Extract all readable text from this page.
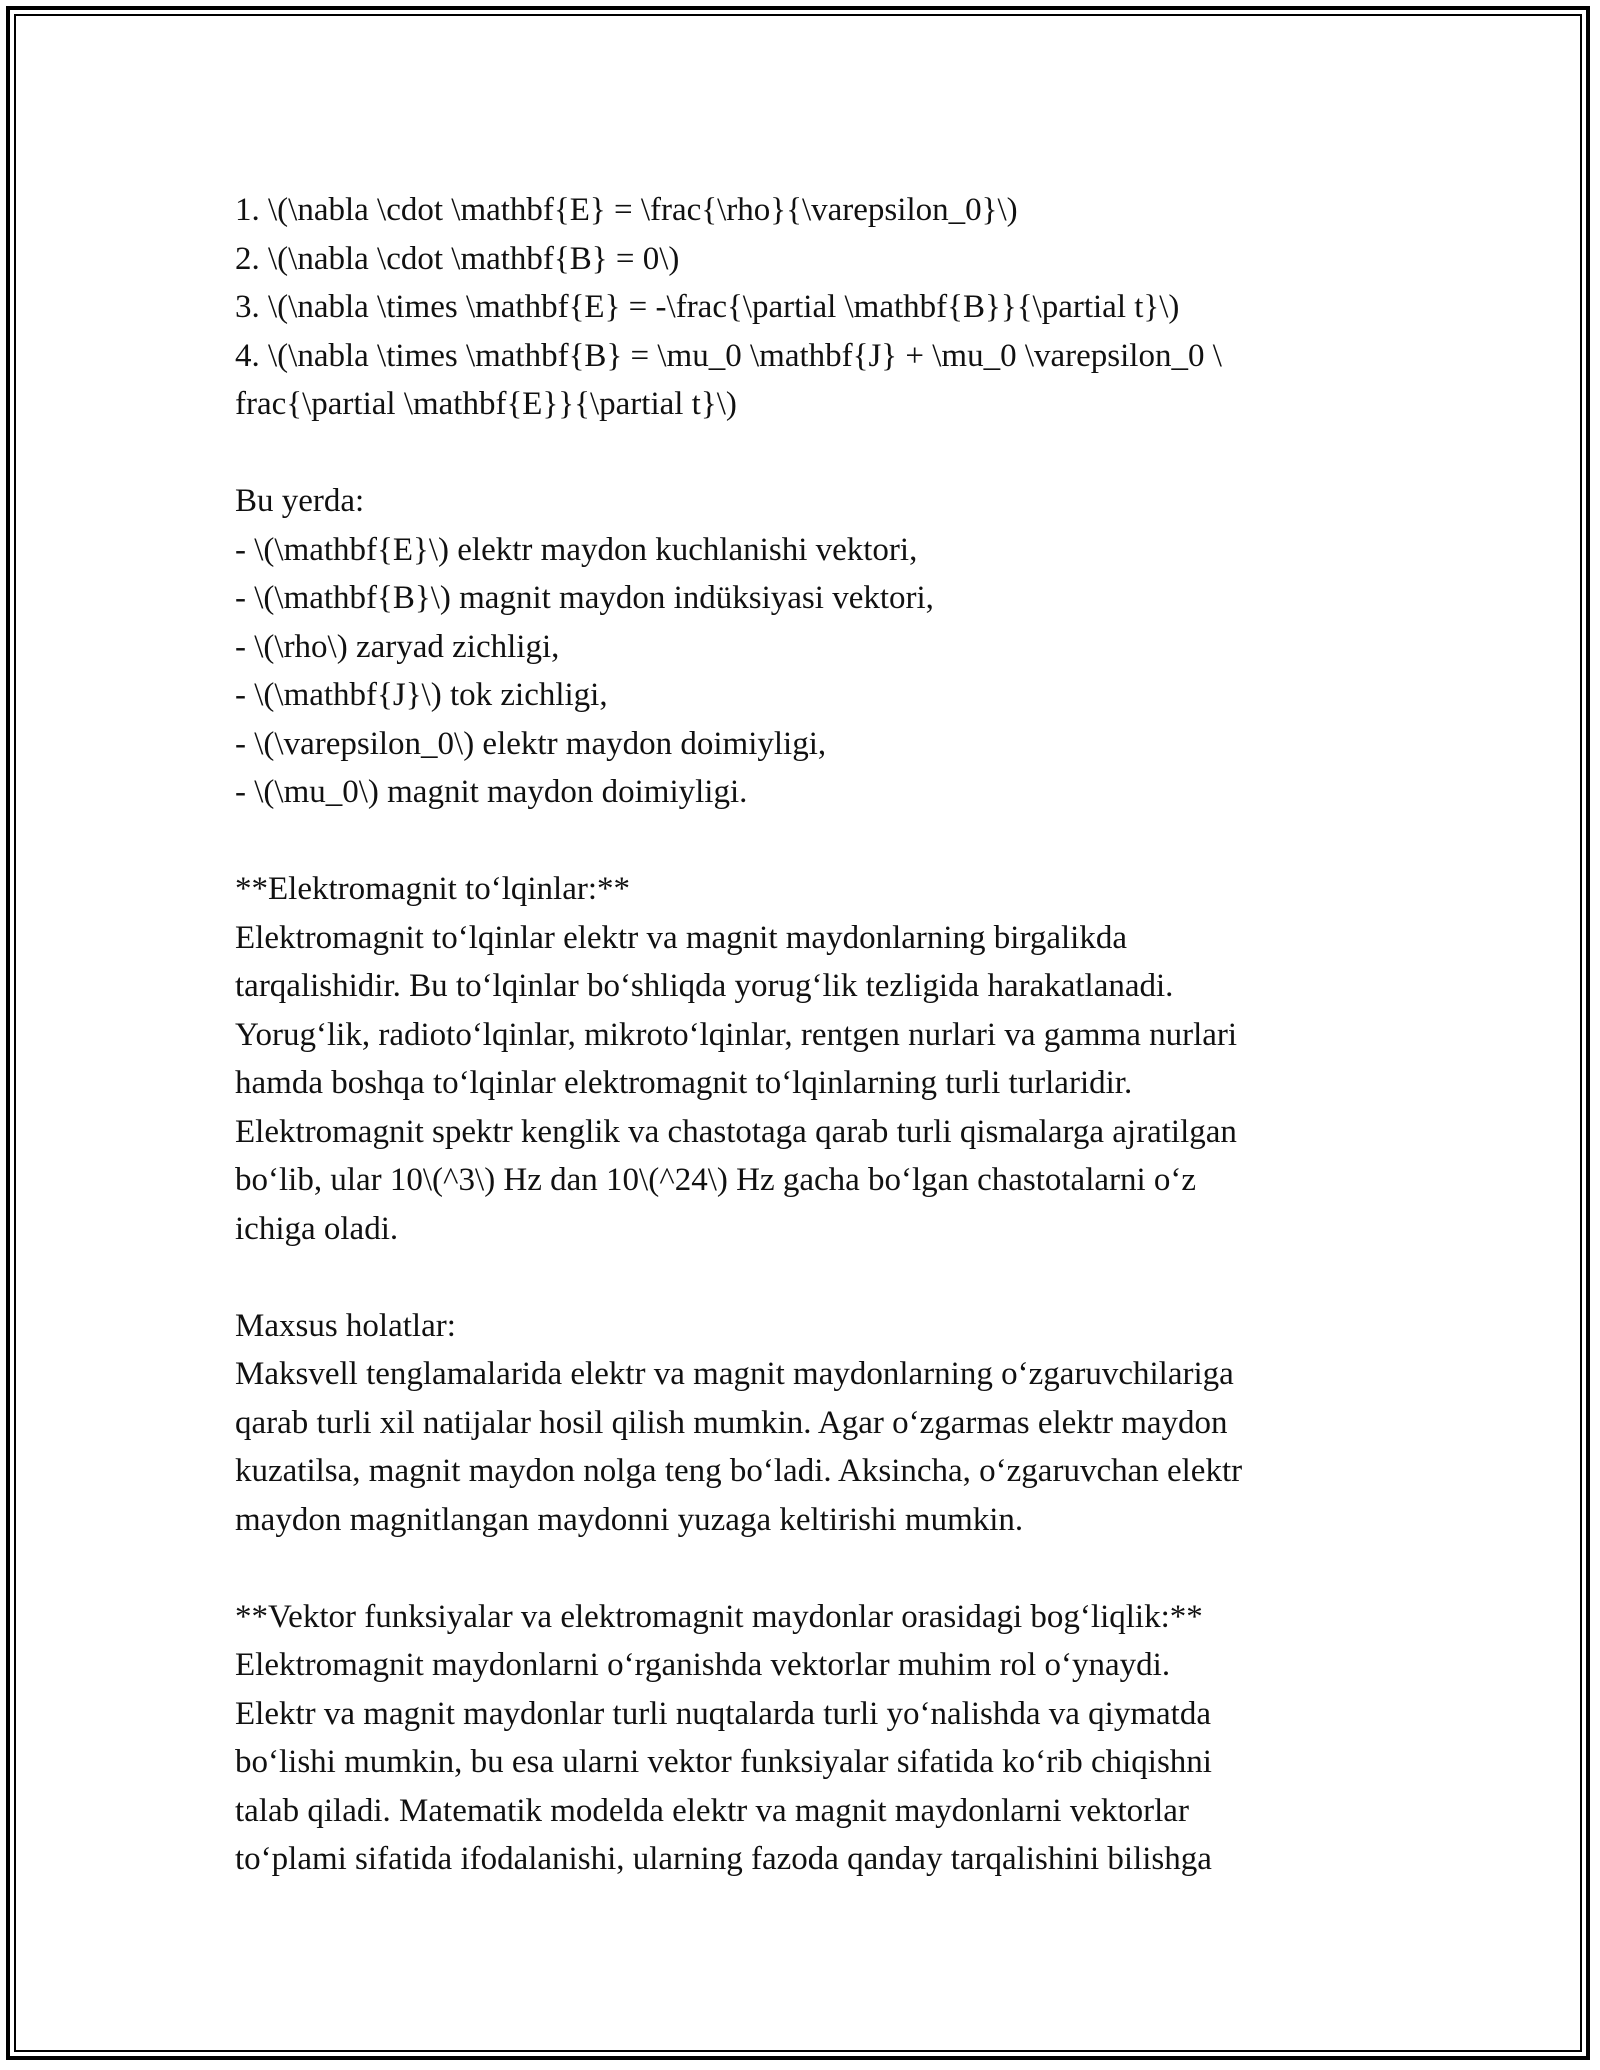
1. \(\nabla \cdot \mathbf{E} = \frac{\rho}{\varepsilon_0}\)
2. \(\nabla \cdot \mathbf{B} = 0\)
3. \(\nabla \times \mathbf{E} = -\frac{\partial \mathbf{B}}{\partial t}\)
4. \(\nabla \times \mathbf{B} = \mu_0 \mathbf{J} + \mu_0 \varepsilon_0 \
frac{\partial \mathbf{E}}{\partial t}\)
Bu yerda:
- \(\mathbf{E}\) elektr maydon kuchlanishi vektori,
- \(\mathbf{B}\) magnit maydon indüksiyasi vektori,
- \(\rho\) zaryad zichligi,
- \(\mathbf{J}\) tok zichligi,
- \(\varepsilon_0\) elektr maydon doimiyligi,
- \(\mu_0\) magnit maydon doimiyligi.
**Elektromagnit to‘lqinlar:**
Elektromagnit to‘lqinlar elektr va magnit maydonlarning birgalikda
tarqalishidir. Bu to‘lqinlar bo‘shliqda yorug‘lik tezligida harakatlanadi.
Yorug‘lik, radioto‘lqinlar, mikroto‘lqinlar, rentgen nurlari va gamma nurlari
hamda boshqa to‘lqinlar elektromagnit to‘lqinlarning turli turlaridir.
Elektromagnit spektr kenglik va chastotaga qarab turli qismalarga ajratilgan
bo‘lib, ular 10\(^3\) Hz dan 10\(^24\) Hz gacha bo‘lgan chastotalarni o‘z
ichiga oladi.
Maxsus holatlar:
Maksvell tenglamalarida elektr va magnit maydonlarning o‘zgaruvchilariga
qarab turli xil natijalar hosil qilish mumkin. Agar o‘zgarmas elektr maydon
kuzatilsa, magnit maydon nolga teng bo‘ladi. Aksincha, o‘zgaruvchan elektr
maydon magnitlangan maydonni yuzaga keltirishi mumkin.
**Vektor funksiyalar va elektromagnit maydonlar orasidagi bog‘liqlik:**
Elektromagnit maydonlarni o‘rganishda vektorlar muhim rol o‘ynaydi.
Elektr va magnit maydonlar turli nuqtalarda turli yo‘nalishda va qiymatda
bo‘lishi mumkin, bu esa ularni vektor funksiyalar sifatida ko‘rib chiqishni
talab qiladi. Matematik modelda elektr va magnit maydonlarni vektorlar
to‘plami sifatida ifodalanishi, ularning fazoda qanday tarqalishini bilishga
